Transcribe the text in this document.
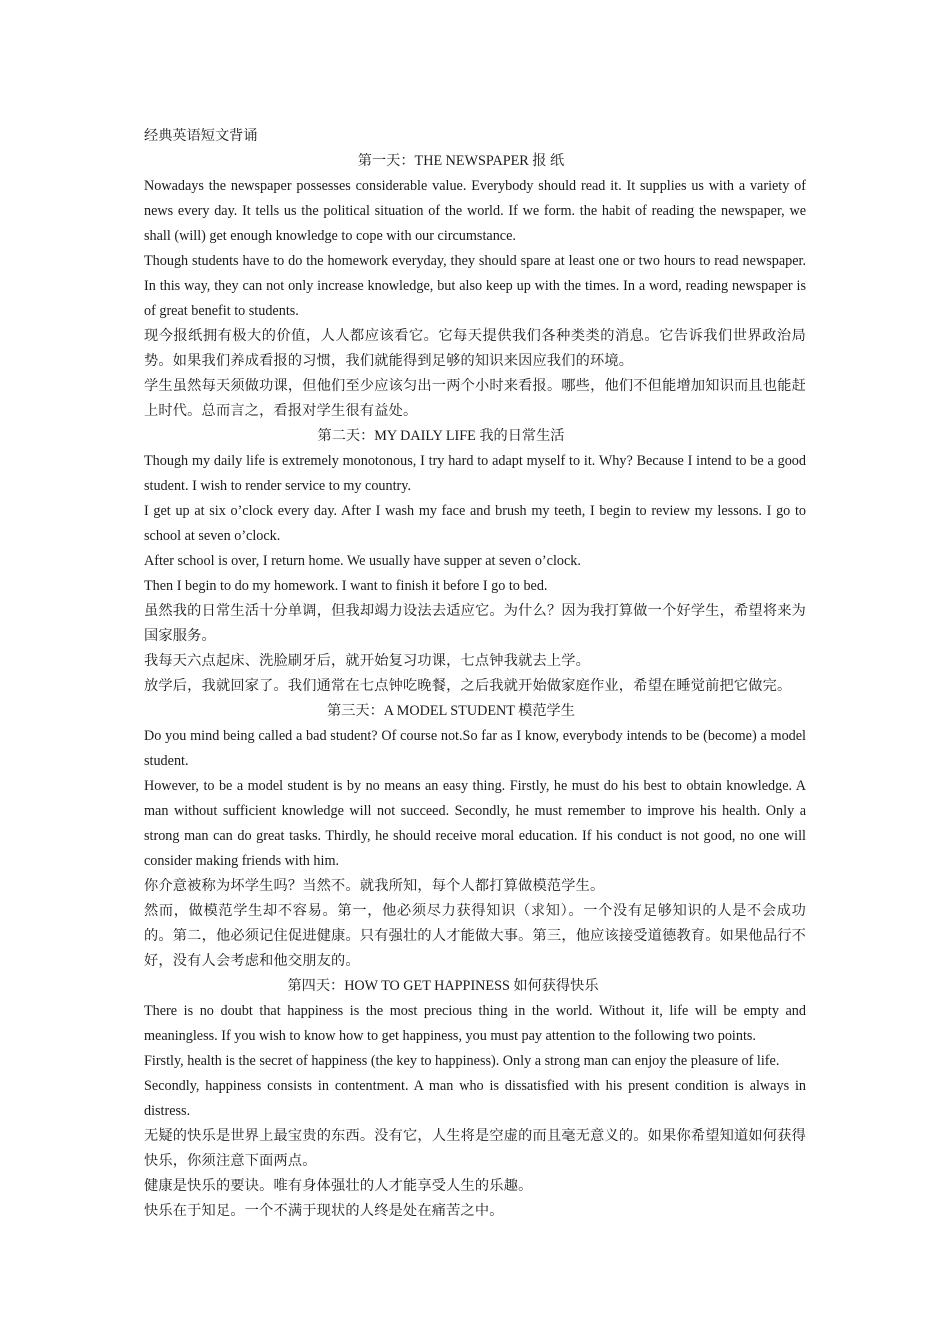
经典英语短文背诵
第一天：THE NEWSPAPER 报 纸

Nowadays the newspaper possesses considerable value. Everybody should read it. It supplies us with a variety of news every day. It tells us the political situation of the world. If we form. the habit of reading the newspaper, we shall (will) get enough knowledge to cope with our circumstance.

Though students have to do the homework everyday, they should spare at least one or two hours to read newspaper. In this way, they can not only increase knowledge, but also keep up with the times. In a word, reading newspaper is of great benefit to students.

现今报纸拥有极大的价值，人人都应该看它。它每天提供我们各种类类的消息。它告诉我们世界政治局势。如果我们养成看报的习惯，我们就能得到足够的知识来因应我们的环境。

学生虽然每天须做功课，但他们至少应该匀出一两个小时来看报。哪些，他们不但能增加知识而且也能赶上时代。总而言之，看报对学生很有益处。

第二天：MY DAILY LIFE 我的日常生活

Though my daily life is extremely monotonous, I try hard to adapt myself to it. Why? Because I intend to be a good student. I wish to render service to my country.

I get up at six o’clock every day. After I wash my face and brush my teeth, I begin to review my lessons. I go to school at seven o’clock.

After school is over, I return home. We usually have supper at seven o’clock.

Then I begin to do my homework. I want to finish it before I go to bed.

虽然我的日常生活十分单调，但我却竭力设法去适应它。为什么？因为我打算做一个好学生，希望将来为国家服务。

我每天六点起床、洗脸刷牙后，就开始复习功课，七点钟我就去上学。

放学后，我就回家了。我们通常在七点钟吃晚餐，之后我就开始做家庭作业，希望在睡觉前把它做完。

第三天：A MODEL STUDENT 模范学生

Do you mind being called a bad student? Of course not.So far as I know, everybody intends to be (become) a model student.

However, to be a model student is by no means an easy thing. Firstly, he must do his best to obtain knowledge. A man without sufficient knowledge will not succeed. Secondly, he must remember to improve his health. Only a strong man can do great tasks. Thirdly, he should receive moral education. If his conduct is not good, no one will consider making friends with him.

你介意被称为坏学生吗？当然不。就我所知，每个人都打算做模范学生。

然而，做模范学生却不容易。第一，他必须尽力获得知识（求知）。一个没有足够知识的人是不会成功的。第二，他必须记住促进健康。只有强壮的人才能做大事。第三，他应该接受道德教育。如果他品行不好，没有人会考虑和他交朋友的。

第四天：HOW TO GET HAPPINESS 如何获得快乐

There is no doubt that happiness is the most precious thing in the world. Without it, life will be empty and meaningless. If you wish to know how to get happiness, you must pay attention to the following two points.

Firstly, health is the secret of happiness (the key to happiness). Only a strong man can enjoy the pleasure of life.

Secondly, happiness consists in contentment. A man who is dissatisfied with his present condition is always in distress.

无疑的快乐是世界上最宝贵的东西。没有它，人生将是空虚的而且毫无意义的。如果你希望知道如何获得快乐，你须注意下面两点。

健康是快乐的要诀。唯有身体强壮的人才能享受人生的乐趣。

快乐在于知足。一个不满于现状的人终是处在痛苦之中。
